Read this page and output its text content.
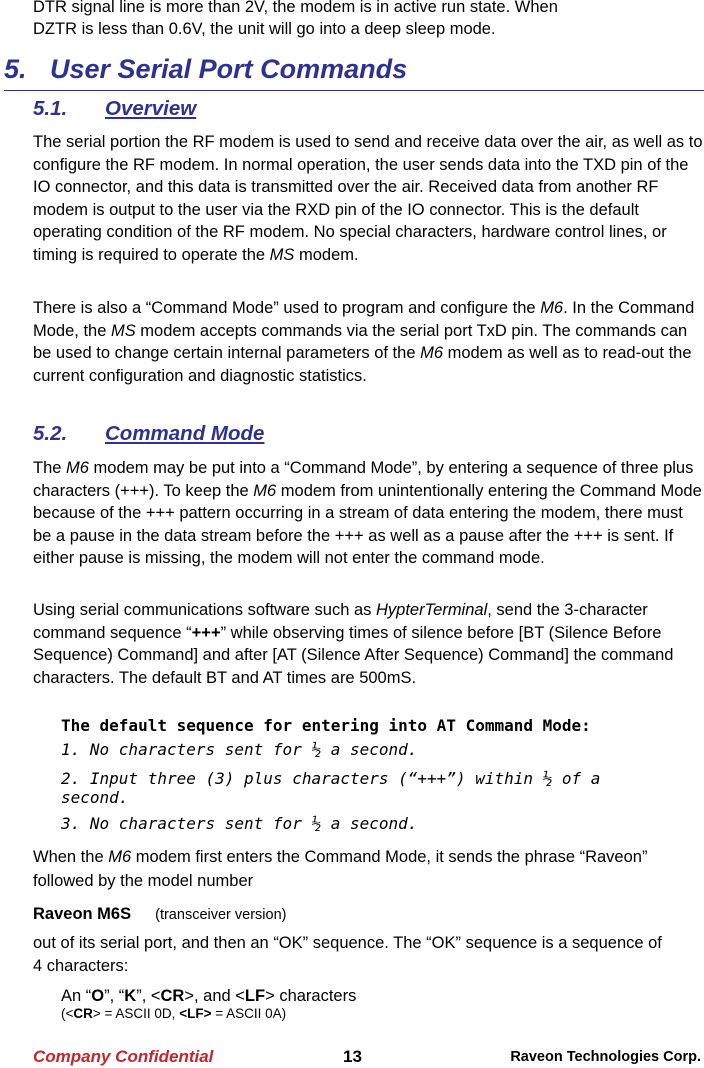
DTR signal line is more than 2V, the modem is in active run state. When

DZTR is less than 0.6V, the unit will go into a deep sleep mode.

5. User Serial Port Commands
5.1. Overview

The serial portion the RF modem is used to send and receive data over the air, as well as to configure the RF modem. In normal operation, the user sends data into the TXD pin of the IO connector, and this data is transmitted over the air. Received data from another RF modem is output to the user via the RXD pin of the IO connector. This is the default operating condition of the RF modem. No special characters, hardware control lines, or timing is required to operate the MS modem.

There is also a “Command Mode” used to program and configure the M6. In the Command Mode, the MS modem accepts commands via the serial port TxD pin. The commands can be used to change certain internal parameters of the M6 modem as well as to read-out the current configuration and diagnostic statistics.

5.2. Command Mode

The M6 modem may be put into a “Command Mode”, by entering a sequence of three plus characters (+++). To keep the M6 modem from unintentionally entering the Command Mode because of the +++ pattern occurring in a stream of data entering the modem, there must be a pause in the data stream before the +++ as well as a pause after the +++ is sent. If either pause is missing, the modem will not enter the command mode.

Using serial communications software such as HypterTerminal, send the 3-character command sequence “+++” while observing times of silence before [BT (Silence Before Sequence) Command] and after [AT (Silence After Sequence) Command] the command characters. The default BT and AT times are 500mS.

The default sequence for entering into AT Command Mode:
1. No characters sent for ½ a second.
2. Input three (3) plus characters (“+++”) within ½ of a
second.
3. No characters sent for ½ a second.

When the M6 modem first enters the Command Mode, it sends the phrase “Raveon” followed by the model number

Raveon M6S (transceiver version)

out of its serial port, and then an “OK” sequence. The “OK” sequence is a sequence of 4 characters:

An “O”, “K”, <CR>, and <LF> characters

(<CR> = ASCII 0D, <LF> = ASCII 0A)

Company Confidential	13	Raveon Technologies Corp.
